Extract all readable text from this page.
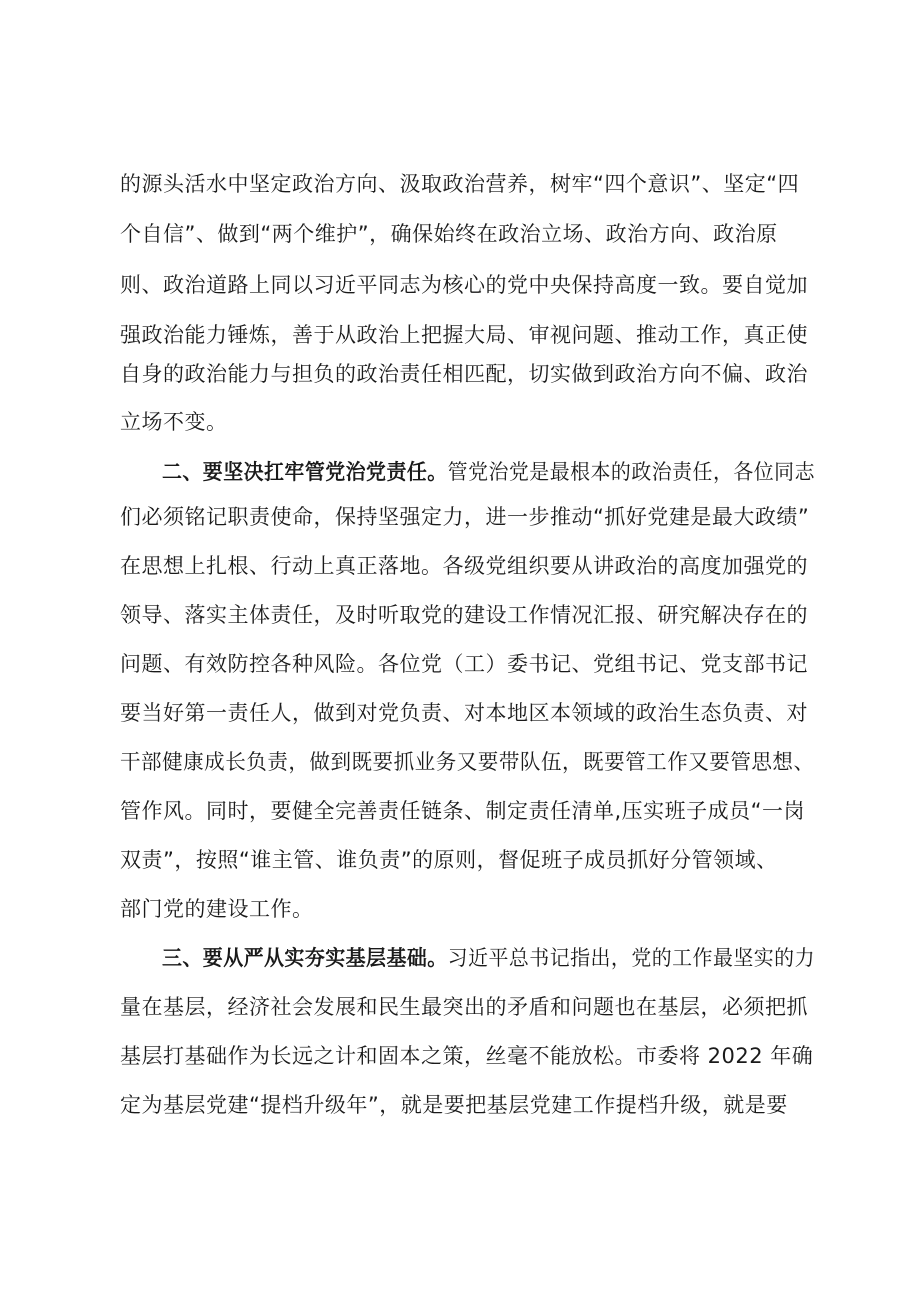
的源头活水中坚定政治方向、汲取政治营养，树牢“四个意识”、坚定“四
个自信”、做到“两个维护”，确保始终在政治立场、政治方向、政治原
则、政治道路上同以习近平同志为核心的党中央保持高度一致。要自觉加
强政治能力锤炼，善于从政治上把握大局、审视问题、推动工作，真正使
自身的政治能力与担负的政治责任相匹配，切实做到政治方向不偏、政治
立场不变。
二、要坚决扛牢管党治党责任。管党治党是最根本的政治责任，各位同志
们必须铭记职责使命，保持坚强定力，进一步推动“抓好党建是最大政绩”
在思想上扎根、行动上真正落地。各级党组织要从讲政治的高度加强党的
领导、落实主体责任，及时听取党的建设工作情况汇报、研究解决存在的
问题、有效防控各种风险。各位党（工）委书记、党组书记、党支部书记
要当好第一责任人，做到对党负责、对本地区本领域的政治生态负责、对
干部健康成长负责，做到既要抓业务又要带队伍，既要管工作又要管思想、
管作风。同时，要健全完善责任链条、制定责任清单,压实班子成员“一岗
双责”，按照“谁主管、谁负责”的原则，督促班子成员抓好分管领域、
部门党的建设工作。
三、要从严从实夯实基层基础。习近平总书记指出，党的工作最坚实的力
量在基层，经济社会发展和民生最突出的矛盾和问题也在基层，必须把抓
基层打基础作为长远之计和固本之策，丝毫不能放松。市委将 2022 年确
定为基层党建“提档升级年”，就是要把基层党建工作提档升级，就是要
